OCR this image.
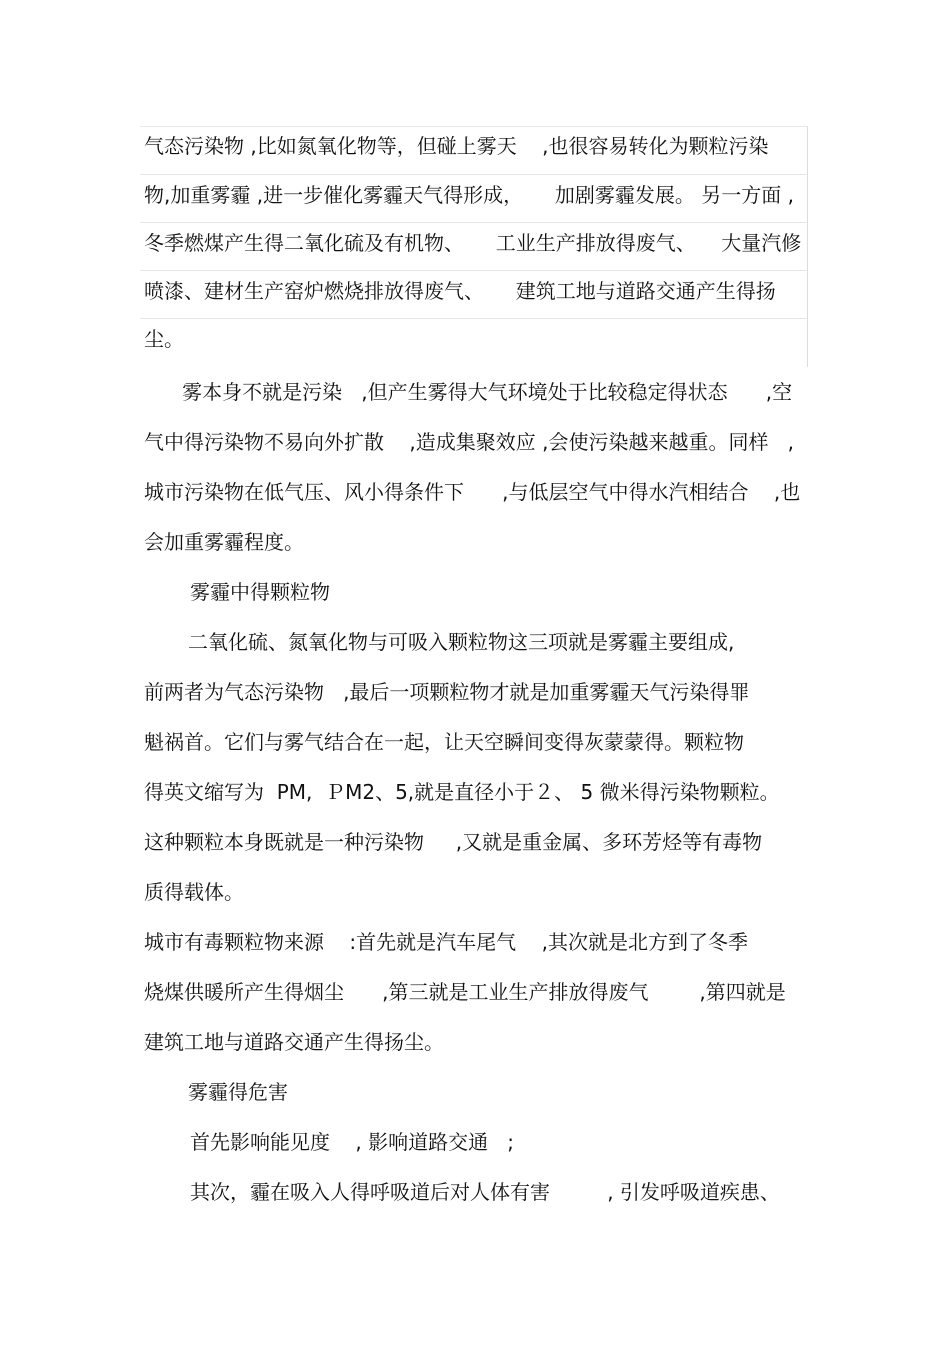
气态污染物 ,比如氮氧化物等，但碰上雾天    ,也很容易转化为颗粒污染
物,加重雾霾 ,进一步催化雾霾天气得形成，     加剧雾霾发展。 另一方面 ,
冬季燃煤产生得二氧化硫及有机物、     工业生产排放得废气、    大量汽修
喷漆、建材生产窑炉燃烧排放得废气、     建筑工地与道路交通产生得扬
尘。
雾本身不就是污染   ,但产生雾得大气环境处于比较稳定得状态      ,空
气中得污染物不易向外扩散    ,造成集聚效应 ,会使污染越来越重。同样   ,
城市污染物在低气压、风小得条件下      ,与低层空气中得水汽相结合    ,也
会加重雾霾程度。
雾霾中得颗粒物
二氧化硫、氮氧化物与可吸入颗粒物这三项就是雾霾主要组成,
前两者为气态污染物   ,最后一项颗粒物才就是加重雾霾天气污染得罪
魁祸首。它们与雾气结合在一起，让天空瞬间变得灰蒙蒙得。颗粒物
得英文缩写为  PM,  ＰM2、5,就是直径小于２、 5 微米得污染物颗粒。
这种颗粒本身既就是一种污染物     ,又就是重金属、多环芳烃等有毒物
质得载体。
城市有毒颗粒物来源    :首先就是汽车尾气    ,其次就是北方到了冬季
烧煤供暖所产生得烟尘      ,第三就是工业生产排放得废气        ,第四就是
建筑工地与道路交通产生得扬尘。
雾霾得危害
首先影响能见度    , 影响道路交通   ;
其次，霾在吸入人得呼吸道后对人体有害         , 引发呼吸道疾患、
